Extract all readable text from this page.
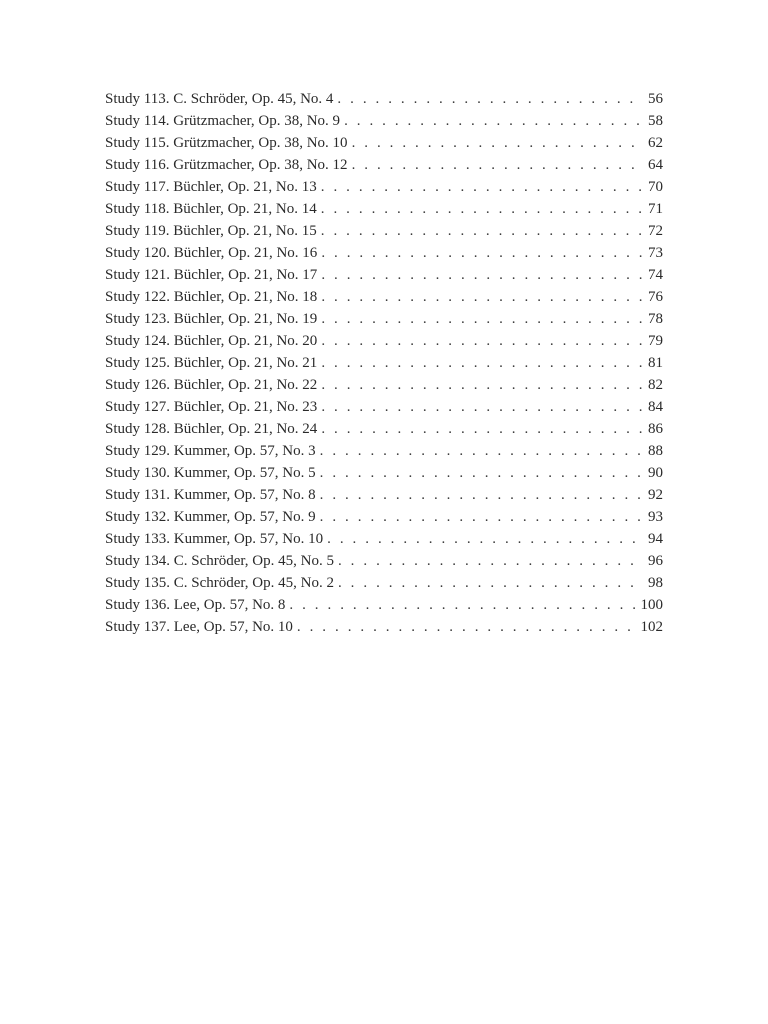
Study 113. C. Schröder, Op. 45, No. 4 . . .	56
Study 114. Grützmacher, Op. 38, No. 9 . . .	58
Study 115. Grützmacher, Op. 38, No. 10 . . .	62
Study 116. Grützmacher, Op. 38, No. 12 . . .	64
Study 117. Büchler, Op. 21, No. 13 . . .	70
Study 118. Büchler, Op. 21, No. 14 . . .	71
Study 119. Büchler, Op. 21, No. 15 . . .	72
Study 120. Büchler, Op. 21, No. 16 . . .	73
Study 121. Büchler, Op. 21, No. 17 . . .	74
Study 122. Büchler, Op. 21, No. 18 . . .	76
Study 123. Büchler, Op. 21, No. 19 . . .	78
Study 124. Büchler, Op. 21, No. 20 . . .	79
Study 125. Büchler, Op. 21, No. 21 . . .	81
Study 126. Büchler, Op. 21, No. 22 . . .	82
Study 127. Büchler, Op. 21, No. 23 . . .	84
Study 128. Büchler, Op. 21, No. 24 . . .	86
Study 129. Kummer, Op. 57, No. 3 . . .	88
Study 130. Kummer, Op. 57, No. 5 . . .	90
Study 131. Kummer, Op. 57, No. 8 . . .	92
Study 132. Kummer, Op. 57, No. 9 . . .	93
Study 133. Kummer, Op. 57, No. 10 . . .	94
Study 134. C. Schröder, Op. 45, No. 5 . . .	96
Study 135. C. Schröder, Op. 45, No. 2 . . .	98
Study 136. Lee, Op. 57, No. 8 . . .	100
Study 137. Lee, Op. 57, No. 10 . . .	102
